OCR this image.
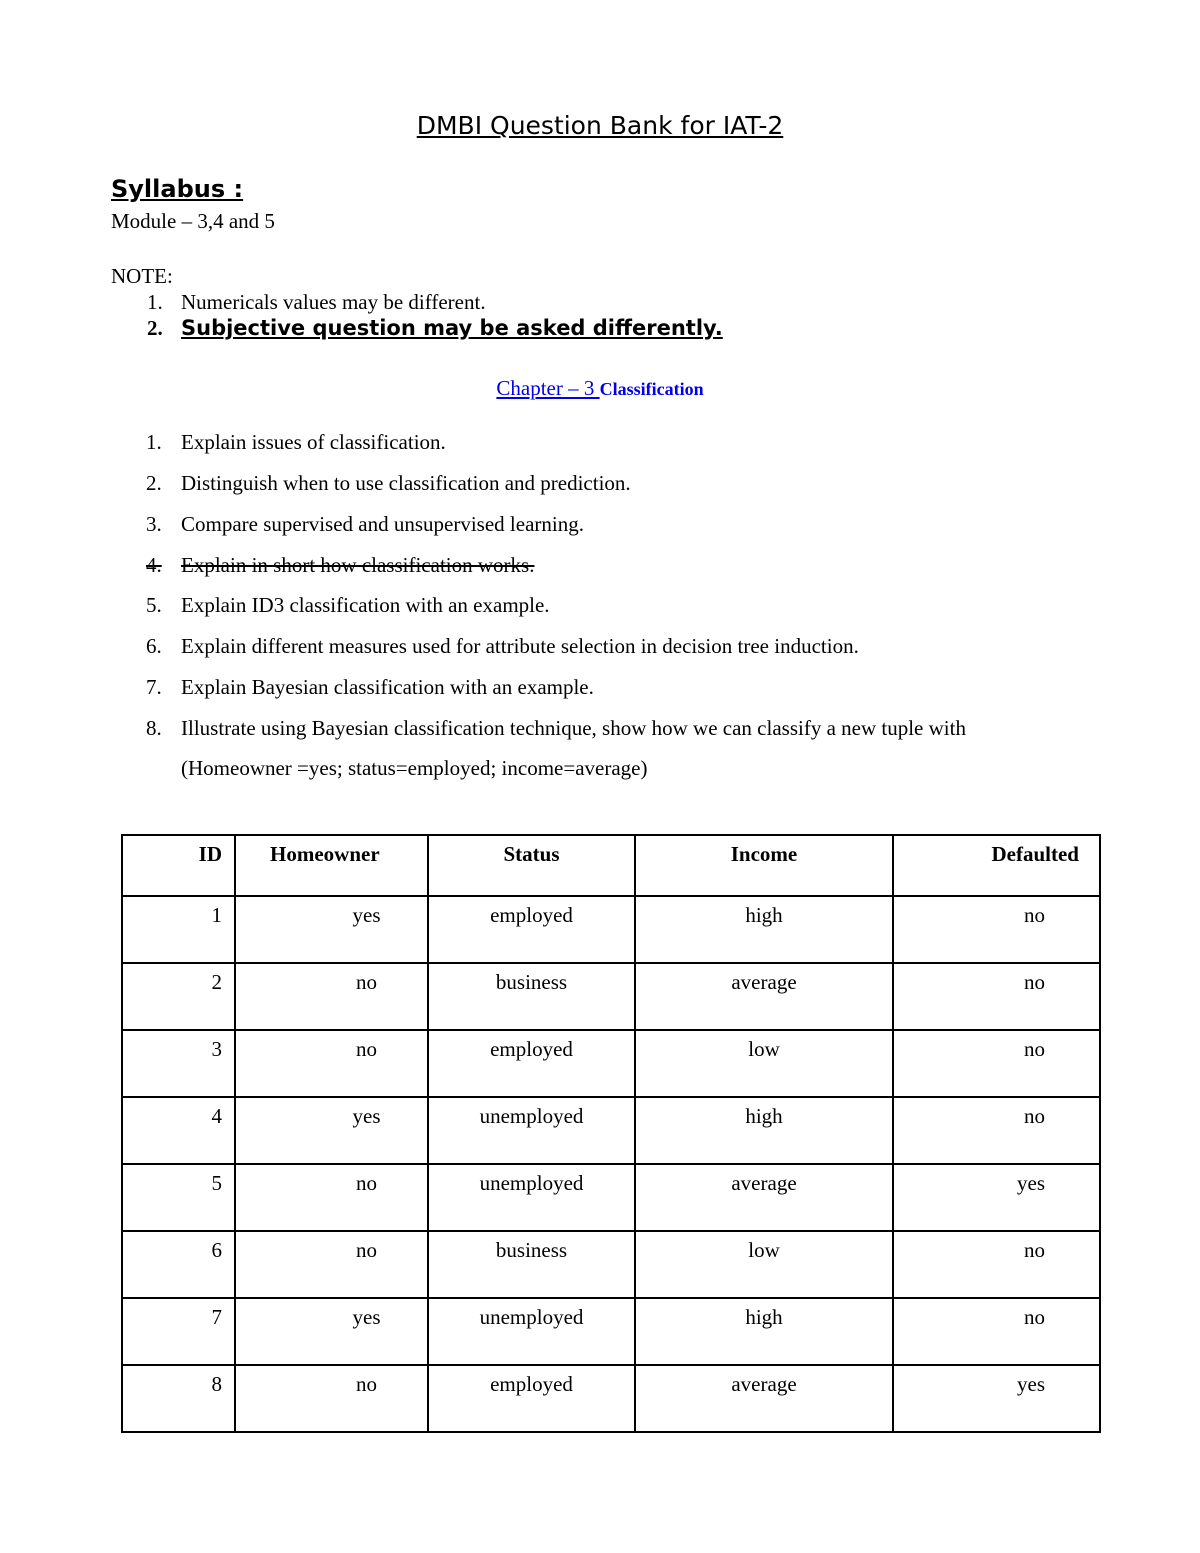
DMBI Question Bank for IAT-2
Syllabus :
Module – 3,4 and 5
NOTE:
1. Numericals values may be different.
2. Subjective question may be asked differently.
Chapter – 3 Classification
1. Explain issues of classification.
2. Distinguish when to use classification and prediction.
3. Compare supervised and unsupervised learning.
4. Explain in short how classification works.
5. Explain ID3 classification with an example.
6. Explain different measures used for attribute selection in decision tree induction.
7. Explain Bayesian classification with an example.
8. Illustrate using Bayesian classification technique, show how we can classify a new tuple with
(Homeowner =yes; status=employed; income=average)
ID	Homeowner	Status	Income	Defaulted
1	yes	employed	high	no
2	no	business	average	no
3	no	employed	low	no
4	yes	unemployed	high	no
5	no	unemployed	average	yes
6	no	business	low	no
7	yes	unemployed	high	no
8	no	employed	average	yes
